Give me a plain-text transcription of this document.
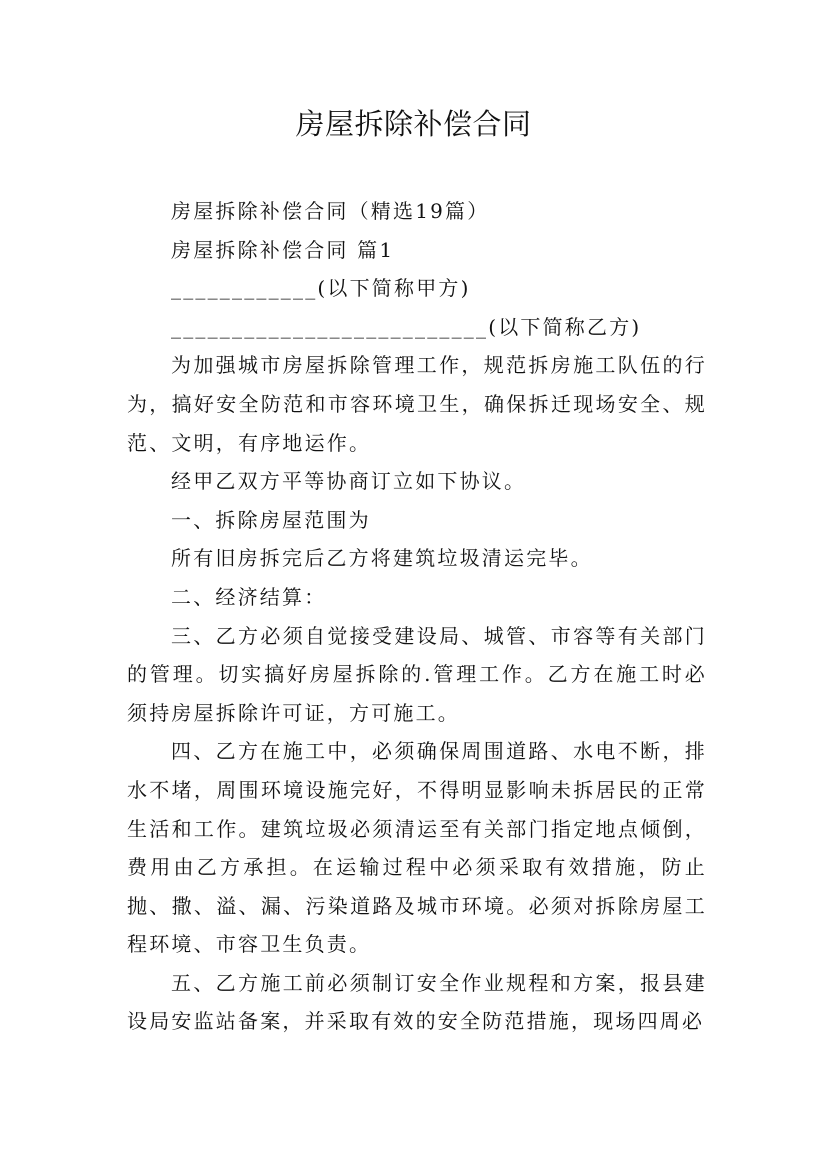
房屋拆除补偿合同

房屋拆除补偿合同（精选19篇）

房屋拆除补偿合同 篇1

____________(以下简称甲方)

__________________________(以下简称乙方)

为加强城市房屋拆除管理工作，规范拆房施工队伍的行为，搞好安全防范和市容环境卫生，确保拆迁现场安全、规范、文明，有序地运作。

经甲乙双方平等协商订立如下协议。

一、拆除房屋范围为

所有旧房拆完后乙方将建筑垃圾清运完毕。

二、经济结算：

三、乙方必须自觉接受建设局、城管、市容等有关部门的管理。切实搞好房屋拆除的.管理工作。乙方在施工时必须持房屋拆除许可证，方可施工。

四、乙方在施工中，必须确保周围道路、水电不断，排水不堵，周围环境设施完好，不得明显影响未拆居民的正常生活和工作。建筑垃圾必须清运至有关部门指定地点倾倒，费用由乙方承担。在运输过程中必须采取有效措施，防止抛、撒、溢、漏、污染道路及城市环境。必须对拆除房屋工程环境、市容卫生负责。

五、乙方施工前必须制订安全作业规程和方案，报县建设局安监站备案，并采取有效的安全防范措施，现场四周必
